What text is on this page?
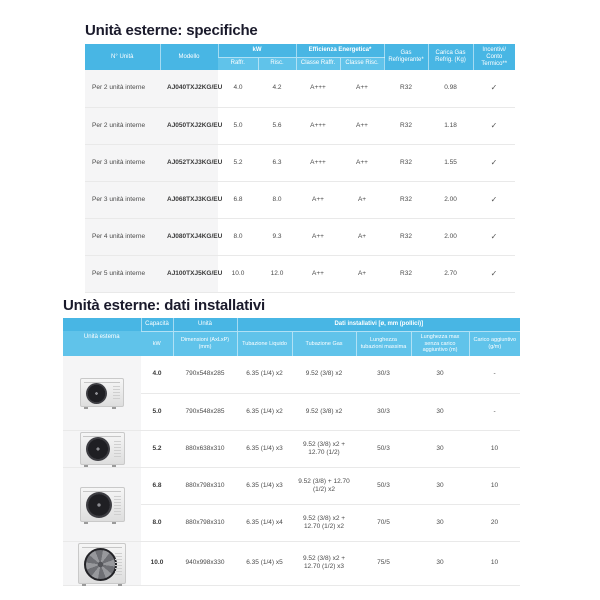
Unità esterne: specifiche
N° Unità	Modello	kW		Efficienza Energetica*		Gas Refrigerante*	Carica Gas Refrig. (Kg)	Incentivi/ Conto Termico**
		Raffr.	Risc.	Classe Raffr.	Classe Risc.			
Per 2 unità interne	AJ040TXJ2KG/EU	4.0	4.2	A+++	A++	R32	0.98	✓
Per 2 unità interne	AJ050TXJ2KG/EU	5.0	5.6	A+++	A++	R32	1.18	✓
Per 3 unità interne	AJ052TXJ3KG/EU	5.2	6.3	A+++	A++	R32	1.55	✓
Per 3 unità interne	AJ068TXJ3KG/EU	6.8	8.0	A++	A+	R32	2.00	✓
Per 4 unità interne	AJ080TXJ4KG/EU	8.0	9.3	A++	A+	R32	2.00	✓
Per 5 unità interne	AJ100TXJ5KG/EU	10.0	12.0	A++	A+	R32	2.70	✓
Unità esterne: dati installativi
Unità esterna	Capacità	Unità	Dati installativi [ø, mm (pollici)]				
	kW	Dimensioni (AxLxP) (mm)	Tubazione Liquido	Tubazione Gas	Lunghezza tubazioni massima	Lunghezza max senza carico aggiuntivo (m)	Carico aggiuntivo (g/m)

	4.0	790x548x285	6.35 (1/4) x2	9.52 (3/8) x2	30/3	30	-
	5.0	790x548x285	6.35 (1/4) x2	9.52 (3/8) x2	30/3	30	-

	5.2	880x638x310	6.35 (1/4) x3	9.52 (3/8) x2 + 12.70 (1/2)	50/3	30	10

	6.8	880x798x310	6.35 (1/4) x3	9.52 (3/8) + 12.70 (1/2) x2	50/3	30	10
	8.0	880x798x310	6.35 (1/4) x4	9.52 (3/8) x2 + 12.70 (1/2) x2	70/5	30	20

	10.0	940x998x330	6.35 (1/4) x5	9.52 (3/8) x2 + 12.70 (1/2) x3	75/5	30	10
